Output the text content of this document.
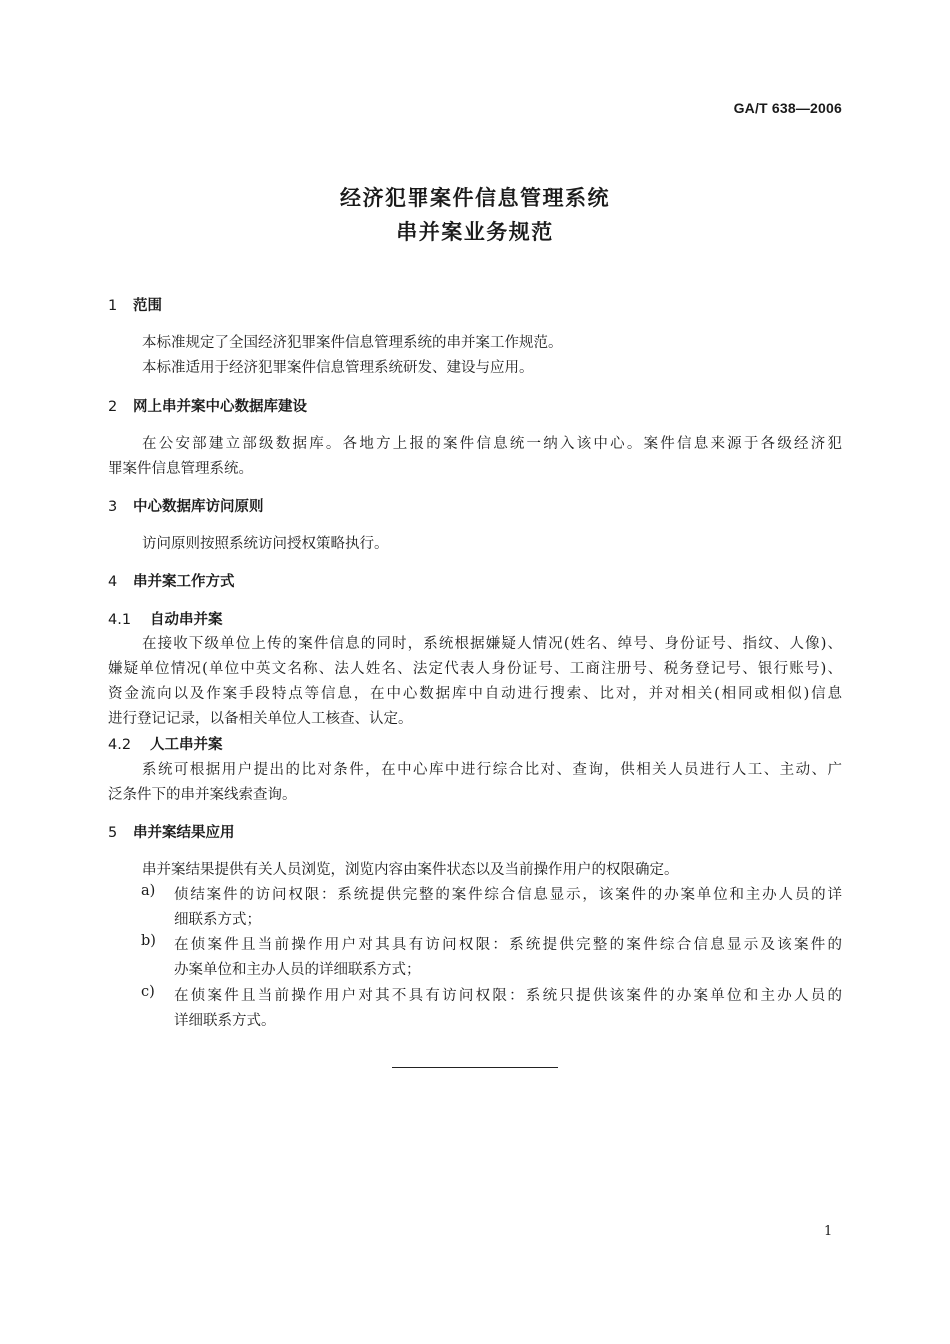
GA/T 638—2006
经济犯罪案件信息管理系统
串并案业务规范
1 范围
本标准规定了全国经济犯罪案件信息管理系统的串并案工作规范。
本标准适用于经济犯罪案件信息管理系统研发、建设与应用。
2 网上串并案中心数据库建设
在公安部建立部级数据库。各地方上报的案件信息统一纳入该中心。案件信息来源于各级经济犯
罪案件信息管理系统。
3 中心数据库访问原则
访问原则按照系统访问授权策略执行。
4 串并案工作方式
4.1 自动串并案
在接收下级单位上传的案件信息的同时，系统根据嫌疑人情况(姓名、绰号、身份证号、指纹、人像)、
嫌疑单位情况(单位中英文名称、法人姓名、法定代表人身份证号、工商注册号、税务登记号、银行账号)、
资金流向以及作案手段特点等信息，在中心数据库中自动进行搜索、比对，并对相关(相同或相似)信息
进行登记记录，以备相关单位人工核查、认定。
4.2 人工串并案
系统可根据用户提出的比对条件，在中心库中进行综合比对、查询，供相关人员进行人工、主动、广
泛条件下的串并案线索查询。
5 串并案结果应用
串并案结果提供有关人员浏览，浏览内容由案件状态以及当前操作用户的权限确定。
a) 侦结案件的访问权限：系统提供完整的案件综合信息显示，该案件的办案单位和主办人员的详
细联系方式；
b) 在侦案件且当前操作用户对其具有访问权限：系统提供完整的案件综合信息显示及该案件的
办案单位和主办人员的详细联系方式；
c) 在侦案件且当前操作用户对其不具有访问权限：系统只提供该案件的办案单位和主办人员的
详细联系方式。
1
